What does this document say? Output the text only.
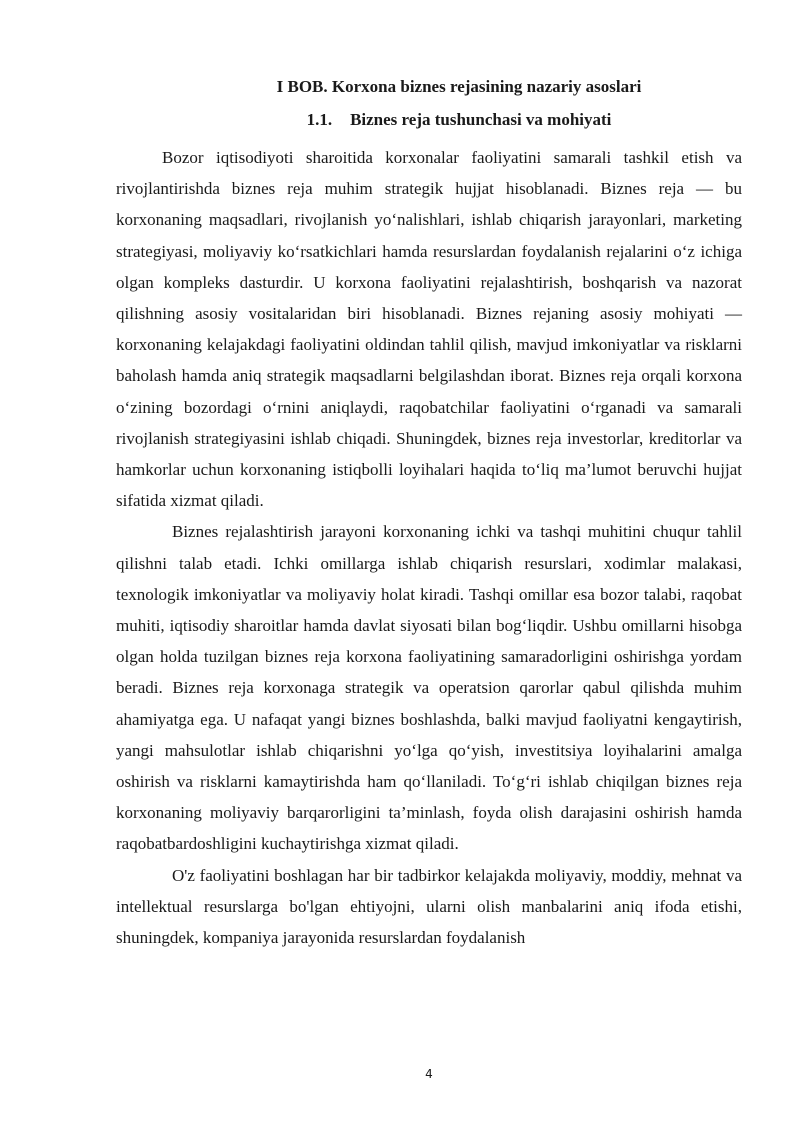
I BOB. Korxona biznes rejasining nazariy asoslari
1.1. Biznes reja tushunchasi va mohiyati

Bozor iqtisodiyoti sharoitida korxonalar faoliyatini samarali tashkil etish va rivojlantirishda biznes reja muhim strategik hujjat hisoblanadi. Biznes reja — bu korxonaning maqsadlari, rivojlanish yo‘nalishlari, ishlab chiqarish jarayonlari, marketing strategiyasi, moliyaviy ko‘rsatkichlari hamda resurslardan foydalanish rejalarini o‘z ichiga olgan kompleks dasturdir. U korxona faoliyatini rejalashtirish, boshqarish va nazorat qilishning asosiy vositalaridan biri hisoblanadi. Biznes rejaning asosiy mohiyati — korxonaning kelajakdagi faoliyatini oldindan tahlil qilish, mavjud imkoniyatlar va risklarni baholash hamda aniq strategik maqsadlarni belgilashdan iborat. Biznes reja orqali korxona o‘zining bozordagi o‘rnini aniqlaydi, raqobatchilar faoliyatini o‘rganadi va samarali rivojlanish strategiyasini ishlab chiqadi. Shuningdek, biznes reja investorlar, kreditorlar va hamkorlar uchun korxonaning istiqbolli loyihalari haqida to‘liq ma’lumot beruvchi hujjat sifatida xizmat qiladi.

Biznes rejalashtirish jarayoni korxonaning ichki va tashqi muhitini chuqur tahlil qilishni talab etadi. Ichki omillarga ishlab chiqarish resurslari, xodimlar malakasi, texnologik imkoniyatlar va moliyaviy holat kiradi. Tashqi omillar esa bozor talabi, raqobat muhiti, iqtisodiy sharoitlar hamda davlat siyosati bilan bog‘liqdir. Ushbu omillarni hisobga olgan holda tuzilgan biznes reja korxona faoliyatining samaradorligini oshirishga yordam beradi. Biznes reja korxonaga strategik va operatsion qarorlar qabul qilishda muhim ahamiyatga ega. U nafaqat yangi biznes boshlashda, balki mavjud faoliyatni kengaytirish, yangi mahsulotlar ishlab chiqarishni yo‘lga qo‘yish, investitsiya loyihalarini amalga oshirish va risklarni kamaytirishda ham qo‘llaniladi. To‘g‘ri ishlab chiqilgan biznes reja korxonaning moliyaviy barqarorligini ta’minlash, foyda olish darajasini oshirish hamda raqobatbardoshligini kuchaytirishga xizmat qiladi.

O'z faoliyatini boshlagan har bir tadbirkor kelajakda moliyaviy, moddiy, mehnat va intellektual resurslarga bo'lgan ehtiyojni, ularni olish manbalarini aniq ifoda etishi, shuningdek, kompaniya jarayonida resurslardan foydalanish

4
